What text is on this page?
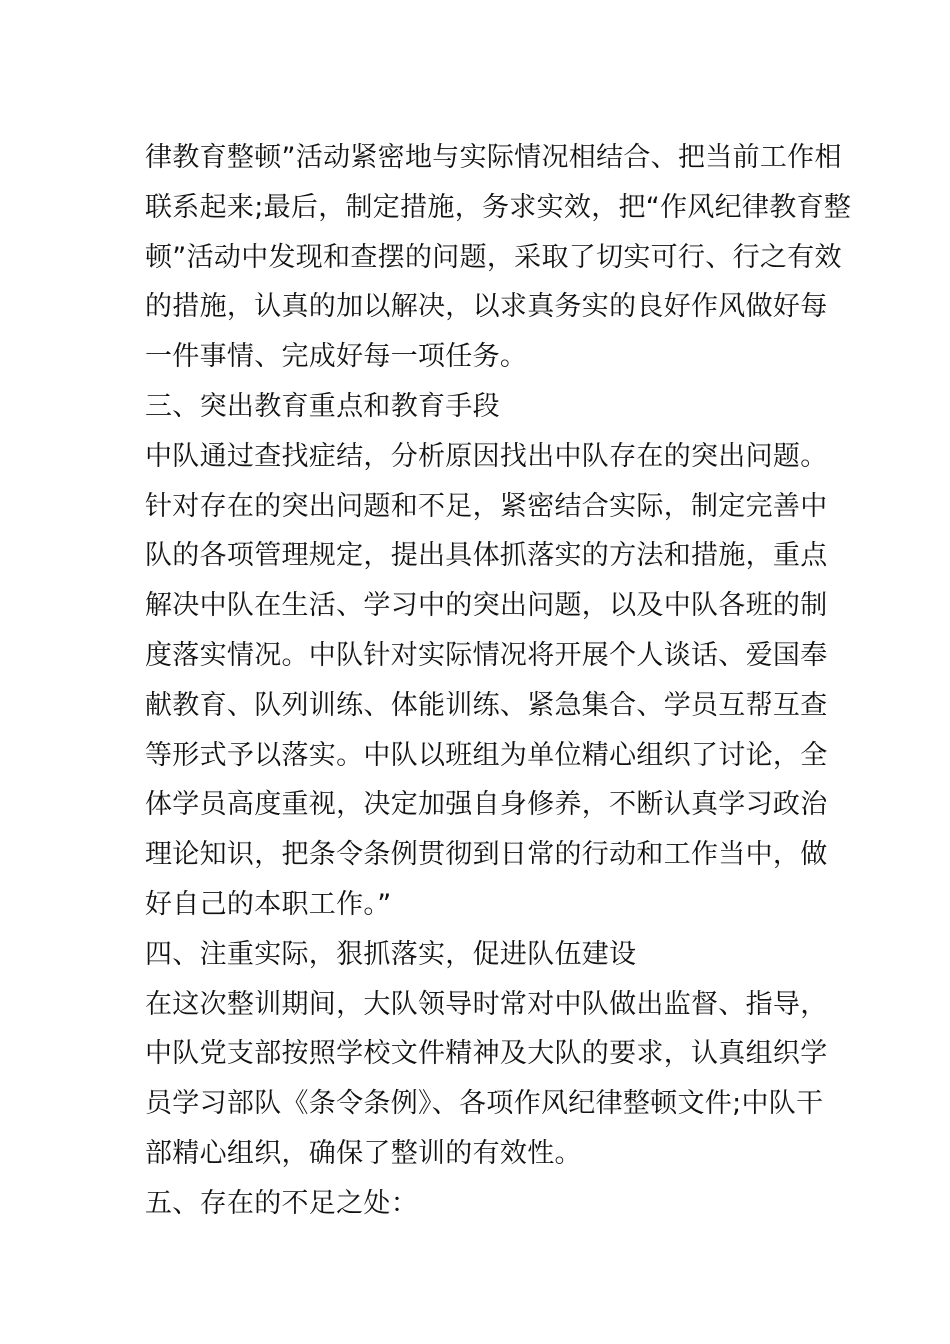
律教育整顿”活动紧密地与实际情况相结合、把当前工作相
联系起来;最后，制定措施，务求实效，把“作风纪律教育整
顿”活动中发现和查摆的问题，采取了切实可行、行之有效
的措施，认真的加以解决，以求真务实的良好作风做好每
一件事情、完成好每一项任务。
三、突出教育重点和教育手段
中队通过查找症结，分析原因找出中队存在的突出问题。
针对存在的突出问题和不足，紧密结合实际，制定完善中
队的各项管理规定，提出具体抓落实的方法和措施，重点
解决中队在生活、学习中的突出问题，以及中队各班的制
度落实情况。中队针对实际情况将开展个人谈话、爱国奉
献教育、队列训练、体能训练、紧急集合、学员互帮互查
等形式予以落实。中队以班组为单位精心组织了讨论，全
体学员高度重视，决定加强自身修养，不断认真学习政治
理论知识，把条令条例贯彻到日常的行动和工作当中，做
好自己的本职工作。”
四、注重实际，狠抓落实，促进队伍建设
在这次整训期间，大队领导时常对中队做出监督、指导，
中队党支部按照学校文件精神及大队的要求，认真组织学
员学习部队《条令条例》、各项作风纪律整顿文件;中队干
部精心组织，确保了整训的有效性。
五、存在的不足之处：
